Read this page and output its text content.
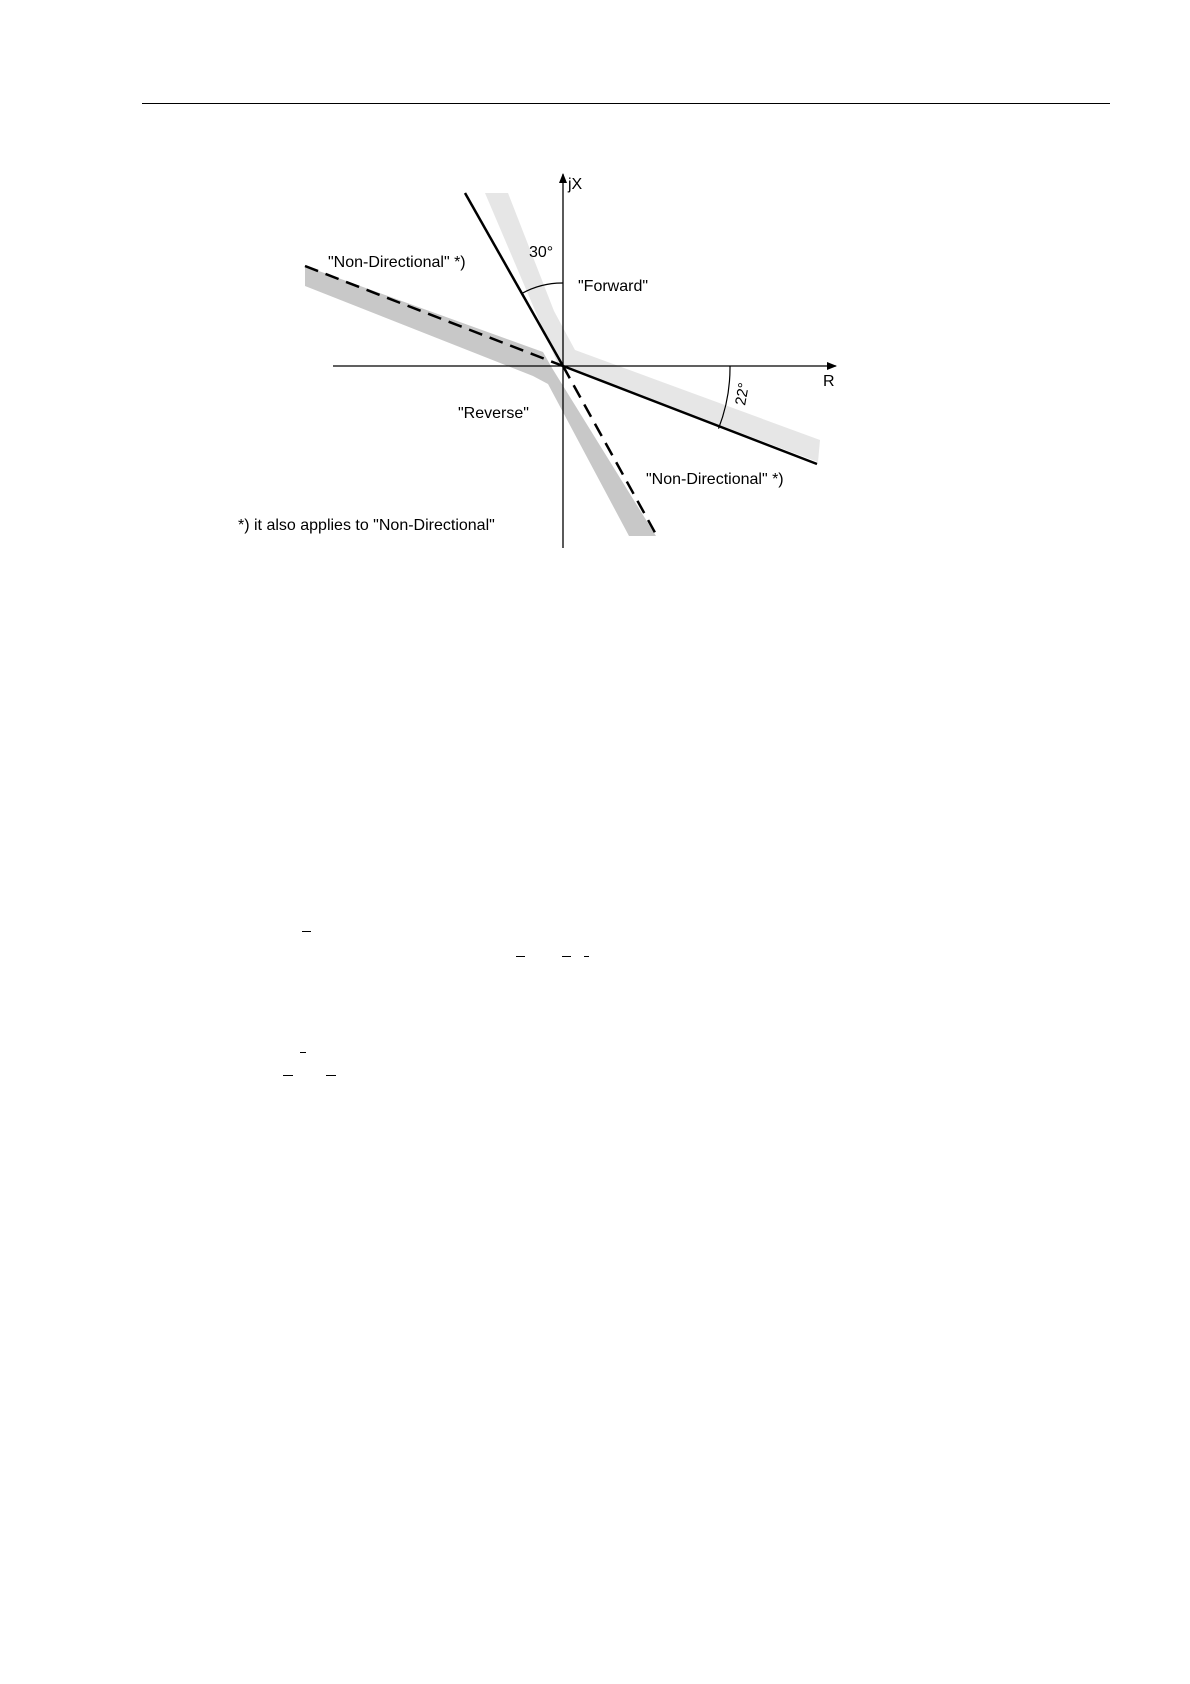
jX
R
30°
22°
"Forward"
"Reverse"
"Non-Directional" *)
"Non-Directional" *)
*) it also applies to "Non-Directional"
